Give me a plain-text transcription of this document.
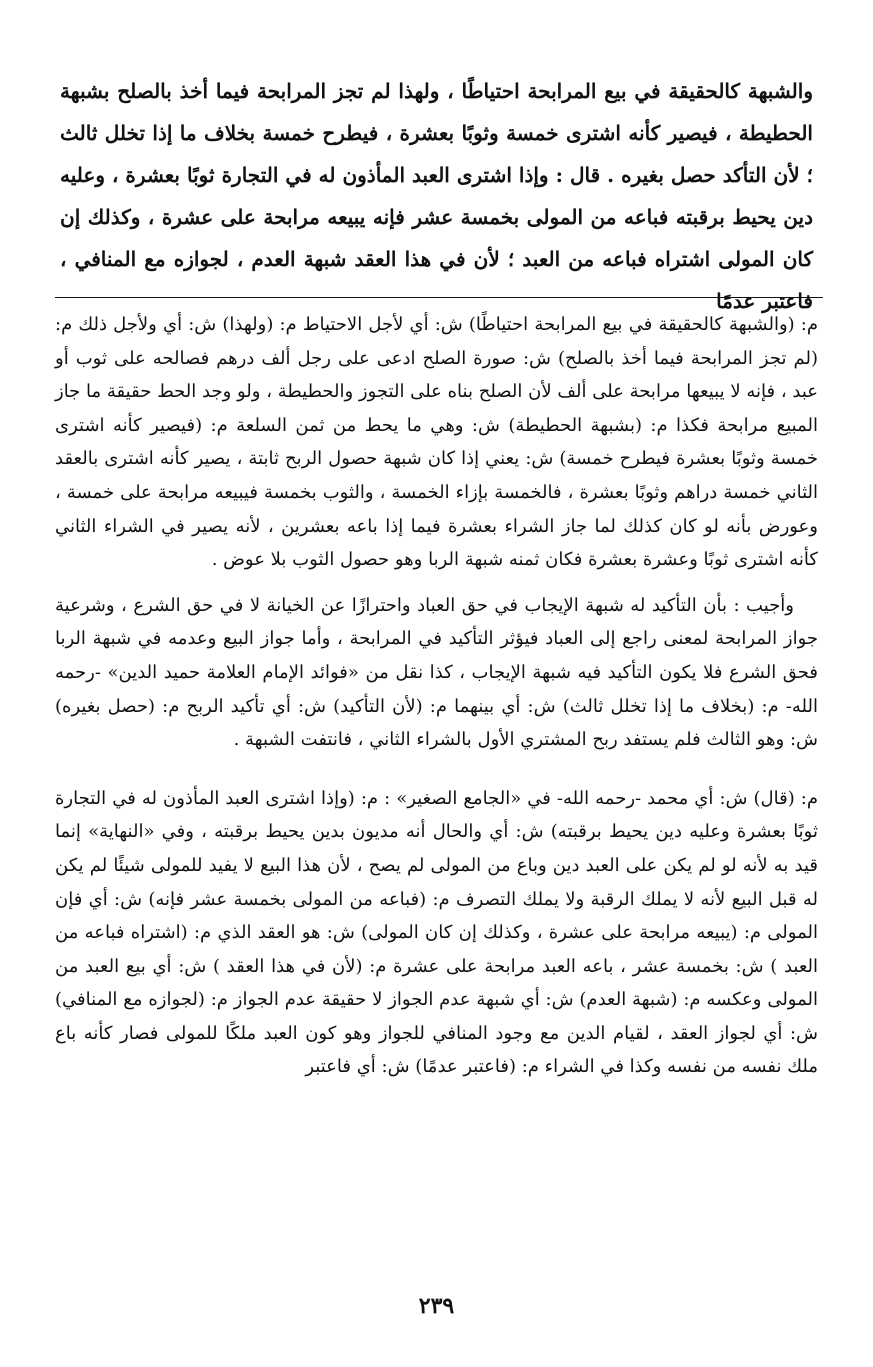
والشبهة كالحقيقة في بيع المرابحة احتياطًا ، ولهذا لم تجز المرابحة فيما أخذ بالصلح بشبهة الحطيطة ، فيصير كأنه اشترى خمسة وثوبًا بعشرة ، فيطرح خمسة بخلاف ما إذا تخلل ثالث ؛ لأن التأكد حصل بغيره . قال : وإذا اشترى العبد المأذون له في التجارة ثوبًا بعشرة ، وعليه دين يحيط برقبته فباعه من المولى بخمسة عشر فإنه يبيعه مرابحة على عشرة ، وكذلك إن كان المولى اشتراه فباعه من العبد ؛ لأن في هذا العقد شبهة العدم ، لجوازه مع المنافي ، فاعتبر عدمًا

م: (والشبهة كالحقيقة في بيع المرابحة احتياطًا) ش: أي لأجل الاحتياط م: (ولهذا) ش: أي ولأجل ذلك م: (لم تجز المرابحة فيما أخذ بالصلح) ش: صورة الصلح ادعى على رجل ألف درهم فصالحه على ثوب أو عبد ، فإنه لا يبيعها مرابحة على ألف لأن الصلح بناه على التجوز والحطيطة ، ولو وجد الحط حقيقة ما جاز المبيع مرابحة فكذا م: (بشبهة الحطيطة) ش: وهي ما يحط من ثمن السلعة م: (فيصير كأنه اشترى خمسة وثوبًا بعشرة فيطرح خمسة) ش: يعني إذا كان شبهة حصول الربح ثابتة ، يصير كأنه اشترى بالعقد الثاني خمسة دراهم وثوبًا بعشرة ، فالخمسة بإزاء الخمسة ، والثوب بخمسة فيبيعه مرابحة على خمسة ، وعورض بأنه لو كان كذلك لما جاز الشراء بعشرة فيما إذا باعه بعشرين ، لأنه يصير في الشراء الثاني كأنه اشترى ثوبًا وعشرة بعشرة فكان ثمنه شبهة الربا وهو حصول الثوب بلا عوض .

وأجيب : بأن التأكيد له شبهة الإيجاب في حق العباد واحترازًا عن الخيانة لا في حق الشرع ، وشرعية جواز المرابحة لمعنى راجع إلى العباد فيؤثر التأكيد في المرابحة ، وأما جواز البيع وعدمه في شبهة الربا فحق الشرع فلا يكون التأكيد فيه شبهة الإيجاب ، كذا نقل من «فوائد الإمام العلامة حميد الدين» -رحمه الله- م: (بخلاف ما إذا تخلل ثالث) ش: أي بينهما م: (لأن التأكيد) ش: أي تأكيد الربح م: (حصل بغيره) ش: وهو الثالث فلم يستفد ربح المشتري الأول بالشراء الثاني ، فانتفت الشبهة .

م: (قال) ش: أي محمد -رحمه الله- في «الجامع الصغير» : م: (وإذا اشترى العبد المأذون له في التجارة ثوبًا بعشرة وعليه دين يحيط برقبته) ش: أي والحال أنه مديون بدين يحيط برقبته ، وفي «النهاية» إنما قيد به لأنه لو لم يكن على العبد دين وباع من المولى لم يصح ، لأن هذا البيع لا يفيد للمولى شيئًا لم يكن له قبل البيع لأنه لا يملك الرقبة ولا يملك التصرف م: (فباعه من المولى بخمسة عشر فإنه) ش: أي فإن المولى م: (يبيعه مرابحة على عشرة ، وكذلك إن كان المولى) ش: هو العقد الذي م: (اشتراه فباعه من العبد ) ش: بخمسة عشر ، باعه العبد مرابحة على عشرة م: (لأن في هذا العقد ) ش: أي بيع العبد من المولى وعكسه م: (شبهة العدم) ش: أي شبهة عدم الجواز لا حقيقة عدم الجواز م: (لجوازه مع المنافي) ش: أي لجواز العقد ، لقيام الدين مع وجود المنافي للجواز وهو كون العبد ملكًا للمولى فصار كأنه باع ملك نفسه من نفسه وكذا في الشراء م: (فاعتبر عدمًا) ش: أي فاعتبر

٢٣٩
